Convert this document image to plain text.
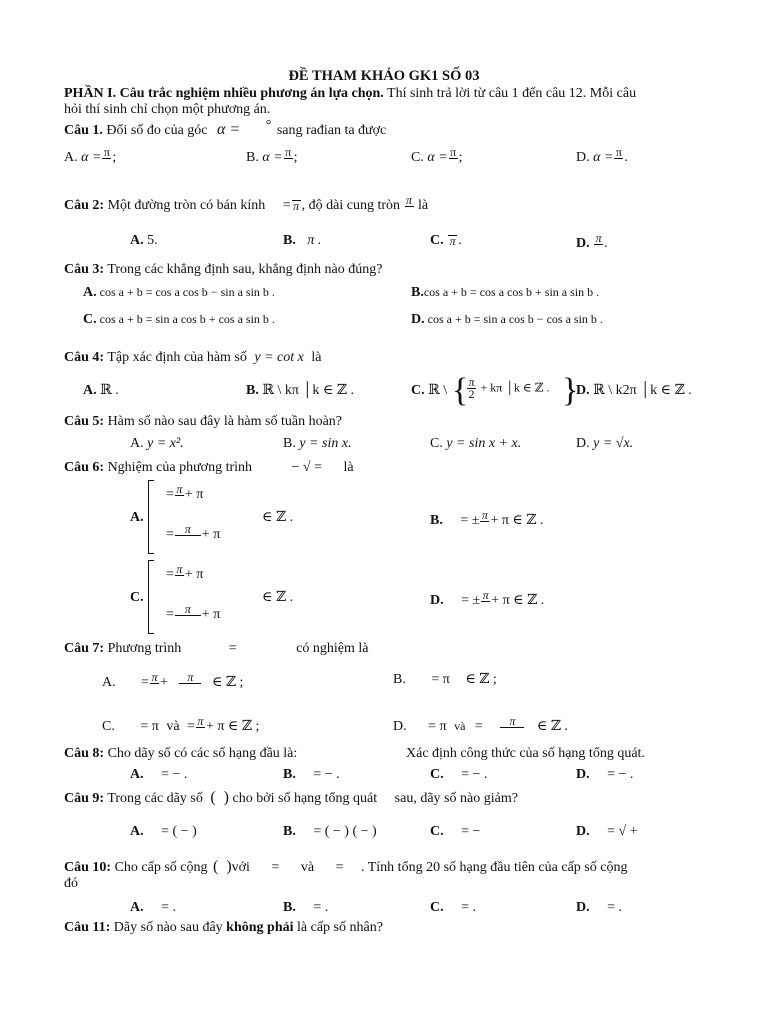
ĐỀ THAM KHẢO GK1 SỐ 03
PHẦN I. Câu trắc nghiệm nhiều phương án lựa chọn. Thí sinh trả lời từ câu 1 đến câu 12. Mỗi câu
hỏi thí sinh chỉ chọn một phương án.
Câu 1. Đổi số đo của góc α = ° sang rađian ta được
A. α = π ;	B. α = π ;	C. α = π ;	D. α = π .
Câu 2: Một đường tròn có bán kính = π , độ dài cung tròn π là
A. 5.	B. π .	C. π .	D. π .
Câu 3: Trong các khẳng định sau, khẳng định nào đúng?
A. cos a + b = cos a cos b − sin a sin b .	B.cos a + b = cos a cos b + sin a sin b .
C. cos a + b = sin a cos b + cos a sin b .	D. cos a + b = sin a cos b − cos a sin b .
Câu 4: Tập xác định của hàm số y = cot x là
A. ℝ .	B. ℝ \ kπ │k ∈ ℤ .	C. ℝ \ {
$\frac{\pi}{2} + k\pi$ │k ∈ ℤ . }
D. ℝ \ k2π │k ∈ ℤ .
Câu 5: Hàm số nào sau đây là hàm số tuần hoàn?
A. y = x².	B. y = sin x.	C. y = sin x + x.	D. y = √x.
Câu 6: Nghiệm của phương trình	− √ = là
A.
= π + π
= π + π
∈ ℤ .	B. = ± π + π ∈ ℤ .
C.
= π + π
= π + π
∈ ℤ .	D. = ± π + π ∈ ℤ .
Câu 7: Phương trình	=	có nghiệm là
A. = π + π ∈ ℤ ;	B. = π ∈ ℤ ;
C. = π và = π + π ∈ ℤ ;	D. = π và = π ∈ ℤ .
Câu 8: Cho dãy số có các số hạng đầu là:	Xác định công thức của số hạng tổng quát.
A. = − .	B. = − .	C. = − .	D. = − .
Câu 9: Trong các dãy số ( ) cho bởi số hạng tổng quát sau, dãy số nào giảm?
A. = ( − )	B. = ( − ) ( − )	C. = −	D. = √ +
Câu 10: Cho cấp số cộng ( )với = và = . Tính tổng 20 số hạng đầu tiên của cấp số cộng
đó
A. = .	B. = .	C. = .	D. = .
Câu 11: Dãy số nào sau đây không phải là cấp số nhân?
